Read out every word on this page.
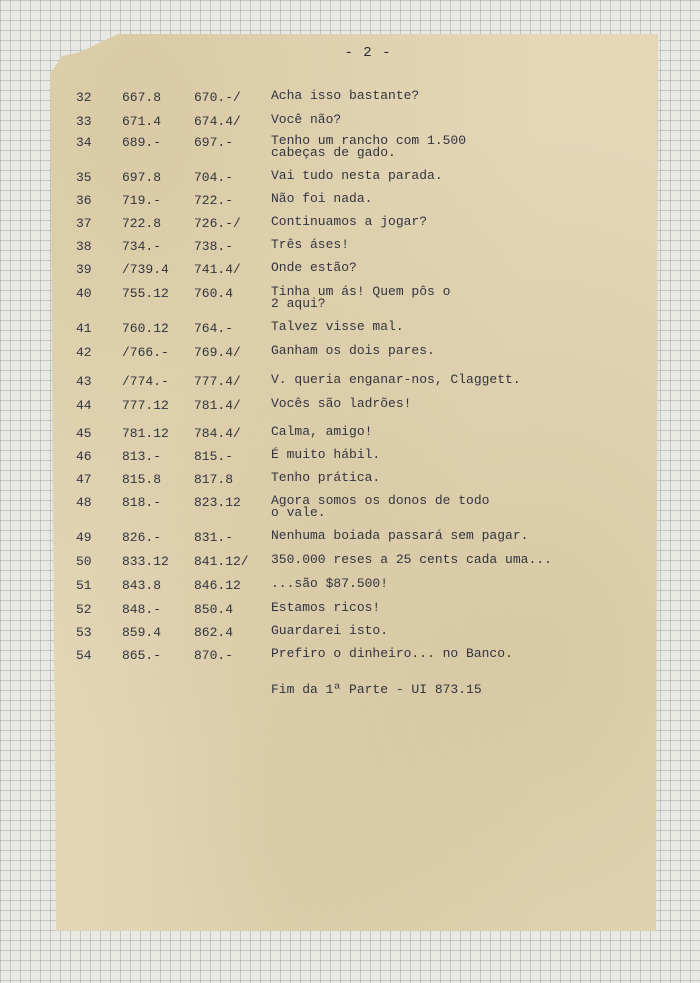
- 2 -
32 667.8	670.-/ Acha isso bastante?
33 671.4	674.4/ Você não?
34 689.-	697.-	Tenho um rancho com 1.500
cabeças de gado.
35 697.8	704.-	Vai tudo nesta parada.
36 719.-	722.-	Não foi nada.
37 722.8	726.-/ Continuamos a jogar?
38 734.-	738.-	Três áses!
39 /739.4 741.4/ Onde estão?
40 755.12 760.4	Tinha um ás! Quem pôs o
2 aqui?
41 760.12 764.-	Talvez visse mal.
42 /766.- 769.4/ Ganham os dois pares.
43 /774.- 777.4/ V. queria enganar-nos, Claggett.
44 777.12 781.4/ Vocês são ladrões!
45 781.12 784.4/ Calma, amigo!
46 813.-	815.-	É muito hábil.
47 815.8	817.8	Tenho prática.
48 818.-	823.12 Agora somos os donos de todo
o vale.
49 826.-	831.-	Nenhuma boiada passará sem pagar.
50 833.12 841.12/ 350.000 reses a 25 cents cada uma...
51 843.8	846.12 ...são $87.500!
52 848.-	850.4	Estamos ricos!
53 859.4	862.4	Guardarei isto.
54 865.-	870.-	Prefiro o dinheiro... no Banco.
Fim da 1ª Parte - UI 873.15
